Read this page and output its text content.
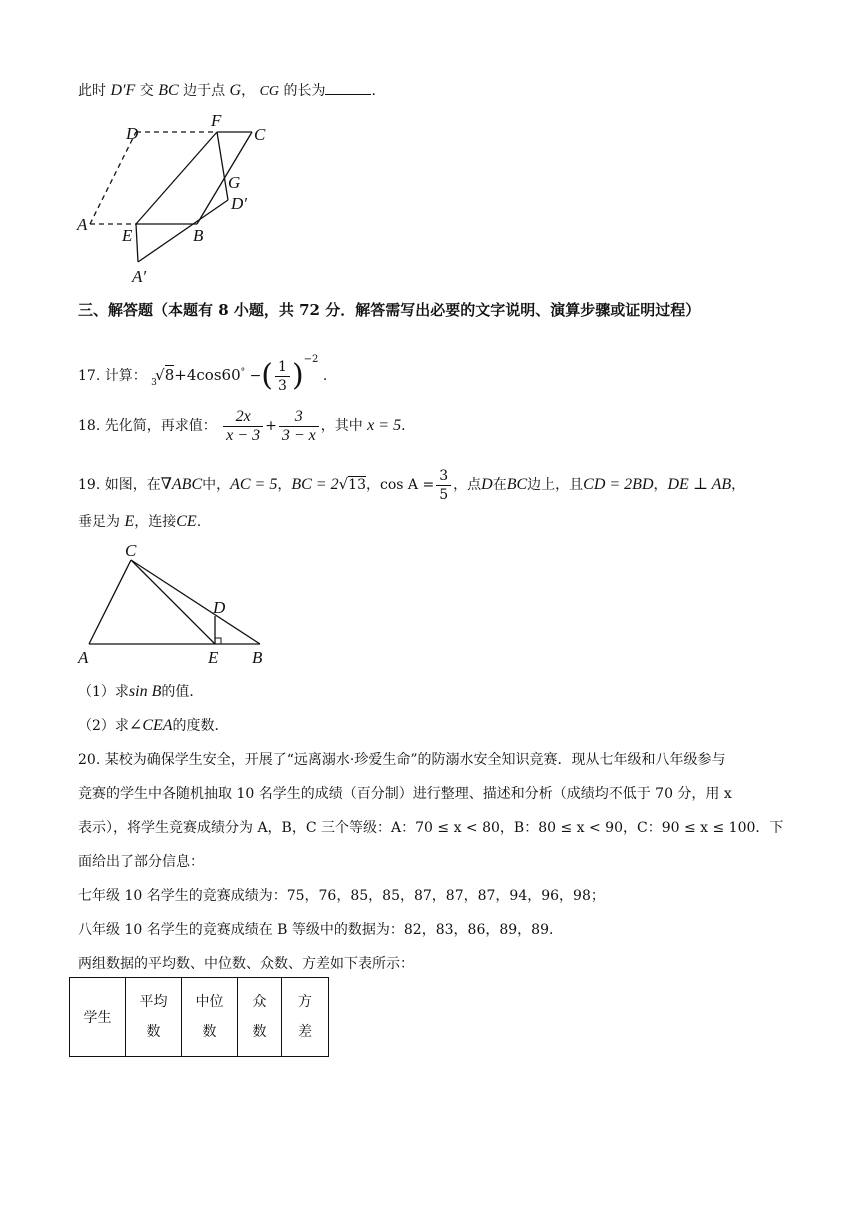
此时 D′F 交 BC 边于点 G， CG 的长为	.
D
F
C
G
D′
A
E	B
A′
三、解答题（本题有 8 小题，共 72 分．解答需写出必要的文字说明、演算步骤或证明过程）
17. 计算： 3
√8+4cos60° −( $\frac{1}{3} )^{-2}$ .
18. 先化简，再求值： $\frac{2x}{x - 3} + \frac{3}{3 - x}$ ，其中 x = 5.
19. 如图，在∇ABC中，AC = 5，BC = 2√13，$\cos A = \frac{3}{5}$ ，点D在BC边上，且CD = 2BD，DE ⊥ AB，
垂足为 E，连接CE.
C
D
A	E B
（1）求sin B的值．
（2）求∠CEA的度数．
20. 某校为确保学生安全，开展了“远离溺水·珍爱生命”的防溺水安全知识竞赛．现从七年级和八年级参与
竞赛的学生中各随机抽取 10 名学生的成绩（百分制）进行整理、描述和分析（成绩均不低于 70 分，用 x
表示），将学生竞赛成绩分为 A，B，C 三个等级：A：70 ≤ x < 80，B：80 ≤ x < 90，C：90 ≤ x ≤ 100．下
面给出了部分信息：
七年级 10 名学生的竞赛成绩为：75，76，85，85，87，87，87，94，96，98；
八年级 10 名学生的竞赛成绩在 B 等级中的数据为：82，83，86，89，89．
两组数据的平均数、中位数、众数、方差如下表所示：
学生	
平均
数

中位
数

众
数

方
差
